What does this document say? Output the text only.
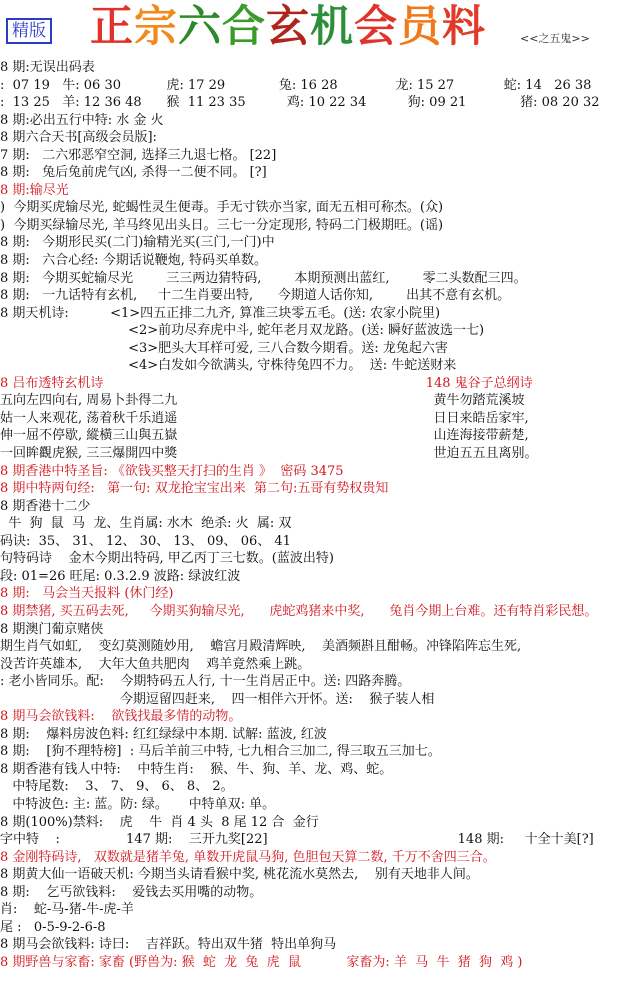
精版 正宗六合玄机会员料	<<之五鬼>>
8 期:无误出码表
:  07 19   牛: 06 30           虎: 17 29             兔: 16 28              龙: 15 27            蛇: 14   26 38
:  13 25   羊: 12 36 48      猴  11 23 35          鸡: 10 22 34          狗: 09 21             猪: 08 20 32
8 期:必出五行中特: 水 金 火
8 期六合天书[高级会员版]:
7 期:   二六邪恶窄空洞, 选择三九退七格。 [22]
8 期:   兔后兔前虎气凶, 杀得一二便不同。 [?]
8 期:输尽光
)  今期买虎输尽光, 蛇蝎性灵生便毒。手无寸铁亦当家, 面无五相可称杰。(众)
)  今期买绿输尽光, 羊马终见出头日。三七一分定现形, 特码二门极期旺。(谣)
8 期:   今期形民买(二门)输精光买(三门,一门)中
8 期:   六合心经: 今期话说鞭炮, 特码买单数。
8 期:   今期买蛇输尽光        三三两边猜特码,        本期预测出蓝红,        零二头数配三四。
8 期:   一九话特有玄机,     十二生肖要出特,      今期道人话你知,        出其不意有玄机。
8 期天机诗:          <1>四五正排二九齐, 算准三块零五毛。(送: 农家小院里)
<2>前功尽弃虎中斗, 蛇年老月双龙路。(送: 瞬好蓝波选一七)
<3>肥头大耳样可爱, 三八合数今期看。送: 龙兔起六害
<4>白发如今欲满头, 守株待兔四不力。  送: 牛蛇送财来
8 吕布透特玄机诗                                                                              148 鬼谷子总纲诗
五向左四向右, 周易卜卦得二九                                                              黄牛勿踏荒溪坡
姑一人来观花, 荡着秋千乐逍遥                                                              日日来皓岳家牢,
伸一屈不停歇, 縱橫三山與五嶽                                                              山连海接带薪楚,
一回眸觀虎猴, 三三爆開四中獎                                                              世迫五五且离别。
8 期香港中特圣旨: 《欲钱买整天打扫的生肖 》  密码 3475
8 期中特两句经:   第一句: 双龙抢宝宝出来  第二句:五哥有势权贵知
8 期香港十二少
牛  狗  鼠  马  龙、生肖属: 水木  绝杀: 火  属: 双
码诀:  35、 31、 12、 30、 13、 09、 06、 41
句特码诗    金木今期出特码, 甲乙丙丁三七数。(蓝波出特)
段: 01=26 旺尾: 0.3.2.9 波路: 绿波红波
8 期:   马会当天报料 (休门经)
8 期禁猪, 买五码去死,     今期买狗输尽光,      虎蛇鸡猪来中奖,      兔肖今期上台难。还有特肖彩民想。
8 期澳门葡京赌侠
期生肖气如虹,    变幻莫测随妙用,    蟾宫月殿清辉映,    美酒频斟且酣畅。冲锋陷阵忘生死,
没苦许英雄本,    大年大鱼共肥肉    鸡羊竟然乘上跳。
: 老小皆同乐。配:    今期特码五人行, 十一生肖居正中。送: 四路奔腾。
今期逗留四赶来,    四一相伴六开怀。送:    猴子装人相
8 期马会欲钱料:    欲钱找最多情的动物。
8 期:    爆料房波色料: 红红绿绿中本期. 试解: 蓝波, 红波
8 期:    [狗不理特榜]  : 马后羊前三中特, 七九相合三加二, 得三取五三加七。
8 期香港有钱人中特:    中特生肖:    猴、牛、狗、羊、龙、鸡、蛇。
中特尾数:    3、 7、 9、 6、 8、 2。
中特波色: 主: 蓝。防: 绿。     中特单双: 单。
8 期(100%)禁料:    虎    牛  肖 4 头  8 尾 12 合  金行
字中特    :                147 期:    三开九奖[22]                                              148 期:     十全十美[?]
8 金刚特码诗,   双数就是猪羊兔, 单数开虎鼠马狗, 色胆包天算二数, 千万不舍四三合。
8 期黄大仙一语破天机: 今期当头请看猴中奖, 桃花流水莫然去,    别有天地非人间。
8 期:    乞丐欲钱料:    爱钱去买用嘴的动物。
肖:    蛇-马-猪-牛-虎-羊
尾 :   0-5-9-2-6-8
8 期马会欲钱料: 诗曰:    吉祥跃。特出双牛猪  特出单狗马
8 期野兽与家畜: 家畜 (野兽为: 猴  蛇  龙  兔  虎  鼠           家畜为: 羊  马  牛  猪  狗  鸡 )
